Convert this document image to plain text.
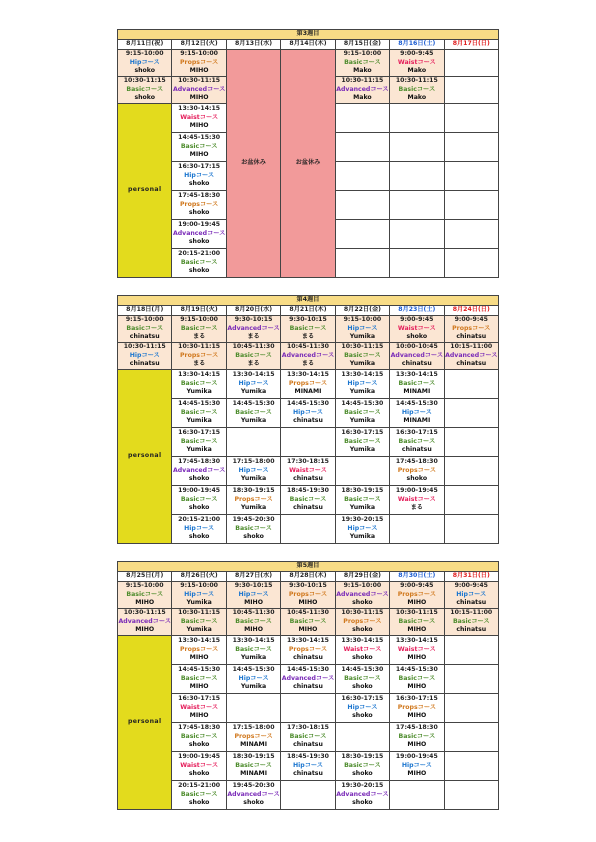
第3週目						
8月11日(祝)	8月12日(火)	8月13日(水)	8月14日(木)	8月15日(金)	8月16日(土)	8月17日(日)

9:15-10:00
Hipコース
shoko	9:15-10:00
Propsコース
MIHO	お盆休み	お盆休み	9:15-10:00
Basicコース
Mako	9:00-9:45
Waistコース
Mako	

10:30-11:15
Basicコース
shoko	10:30-11:15
Advancedコース
MIHO			10:30-11:15
Advancedコース
Mako	10:30-11:15
Basicコース
Mako	

personal	13:30-14:15
Waistコース
MIHO					

	14:45-15:30
Basicコース
MIHO					

	16:30-17:15
Hipコース
shoko					

	17:45-18:30
Propsコース
shoko					

	19:00-19:45
Advancedコース
shoko					

	20:15-21:00
Basicコース
shoko					

第4週目						
8月18日(月)	8月19日(火)	8月20日(水)	8月21日(木)	8月22日(金)	8月23日(土)	8月24日(日)

9:15-10:00
Basicコース
chinatsu	9:15-10:00
Basicコース
まる	9:30-10:15
Advancedコース
まる	9:30-10:15
Basicコース
まる	9:15-10:00
Hipコース
Yumika	9:00-9:45
Waistコース
shoko	9:00-9:45
Propsコース
chinatsu

10:30-11:15
Hipコース
chinatsu	10:30-11:15
Propsコース
まる	10:45-11:30
Basicコース
まる	10:45-11:30
Advancedコース
まる	10:30-11:15
Basicコース
Yumika	10:00-10:45
Advancedコース
chinatsu	10:15-11:00
Advancedコース
chinatsu

personal	13:30-14:15
Basicコース
Yumika	13:30-14:15
Hipコース
Yumika	13:30-14:15
Propsコース
MINAMI	13:30-14:15
Hipコース
Yumika	13:30-14:15
Basicコース
MINAMI	

	14:45-15:30
Basicコース
Yumika	14:45-15:30
Basicコース
Yumika	14:45-15:30
Hipコース
chinatsu	14:45-15:30
Basicコース
Yumika	14:45-15:30
Hipコース
MINAMI	

	16:30-17:15
Basicコース
Yumika			16:30-17:15
Basicコース
Yumika	16:30-17:15
Basicコース
chinatsu	

	17:45-18:30
Advancedコース
shoko	17:15-18:00
Hipコース
Yumika	17:30-18:15
Waistコース
chinatsu		17:45-18:30
Propsコース
shoko	

	19:00-19:45
Basicコース
shoko	18:30-19:15
Propsコース
Yumika	18:45-19:30
Basicコース
chinatsu	18:30-19:15
Basicコース
Yumika	19:00-19:45
Waistコース
まる	

	20:15-21:00
Hipコース
shoko	19:45-20:30
Basicコース
shoko		19:30-20:15
Hipコース
Yumika		

第5週目						
8月25日(月)	8月26日(火)	8月27日(水)	8月28日(木)	8月29日(金)	8月30日(土)	8月31日(日)

9:15-10:00
Basicコース
MIHO	9:15-10:00
Hipコース
Yumika	9:30-10:15
Hipコース
MIHO	9:30-10:15
Propsコース
MIHO	9:15-10:00
Advancedコース
shoko	9:00-9:45
Propsコース
MIHO	9:00-9:45
Hipコース
chinatsu

10:30-11:15
Advancedコース
MIHO	10:30-11:15
Basicコース
Yumika	10:45-11:30
Basicコース
MIHO	10:45-11:30
Basicコース
MIHO	10:30-11:15
Propsコース
shoko	10:30-11:15
Basicコース
MIHO	10:15-11:00
Basicコース
chinatsu

personal	13:30-14:15
Propsコース
MIHO	13:30-14:15
Basicコース
Yumika	13:30-14:15
Propsコース
chinatsu	13:30-14:15
Waistコース
shoko	13:30-14:15
Waistコース
MIHO	

	14:45-15:30
Basicコース
MIHO	14:45-15:30
Hipコース
Yumika	14:45-15:30
Advancedコース
chinatsu	14:45-15:30
Basicコース
shoko	14:45-15:30
Basicコース
MIHO	

	16:30-17:15
Waistコース
MIHO			16:30-17:15
Hipコース
shoko	16:30-17:15
Propsコース
MIHO	

	17:45-18:30
Basicコース
shoko	17:15-18:00
Propsコース
MINAMI	17:30-18:15
Basicコース
chinatsu		17:45-18:30
Basicコース
MIHO	

	19:00-19:45
Waistコース
shoko	18:30-19:15
Basicコース
MINAMI	18:45-19:30
Hipコース
chinatsu	18:30-19:15
Basicコース
shoko	19:00-19:45
Hipコース
MIHO	

	20:15-21:00
Basicコース
shoko	19:45-20:30
Advancedコース
shoko		19:30-20:15
Advancedコース
shoko		
